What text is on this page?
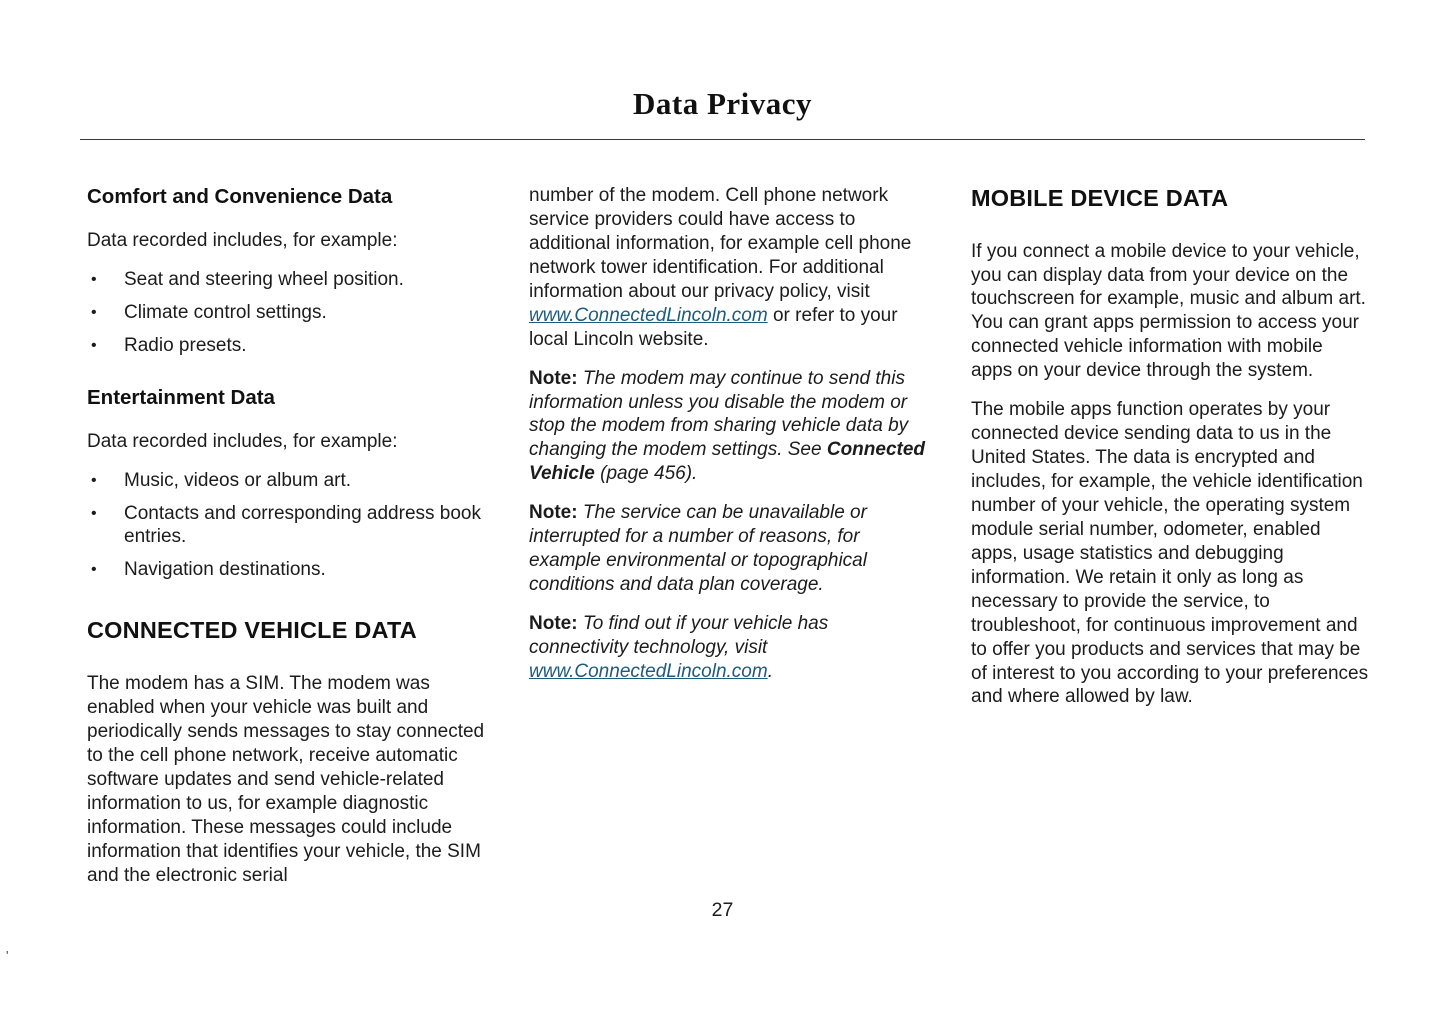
Data Privacy
Comfort and Convenience Data

Data recorded includes, for example:

•	Seat and steering wheel position.
•	Climate control settings.
•	Radio presets.
Entertainment Data

Data recorded includes, for example:

•	Music, videos or album art.
•	Contacts and corresponding address book entries.
•	Navigation destinations.
CONNECTED VEHICLE DATA

The modem has a SIM. The modem was enabled when your vehicle was built and periodically sends messages to stay connected to the cell phone network, receive automatic software updates and send vehicle-related information to us, for example diagnostic information. These messages could include information that identifies your vehicle, the SIM and the electronic serial

number of the modem. Cell phone network service providers could have access to additional information, for example cell phone network tower identification. For additional information about our privacy policy, visit www.ConnectedLincoln.com or refer to your local Lincoln website.

Note: The modem may continue to send this information unless you disable the modem or stop the modem from sharing vehicle data by changing the modem settings. See Connected Vehicle (page 456).

Note: The service can be unavailable or interrupted for a number of reasons, for example environmental or topographical conditions and data plan coverage.

Note: To find out if your vehicle has connectivity technology, visit www.ConnectedLincoln.com.

MOBILE DEVICE DATA

If you connect a mobile device to your vehicle, you can display data from your device on the touchscreen for example, music and album art. You can grant apps permission to access your connected vehicle information with mobile apps on your device through the system.

The mobile apps function operates by your connected device sending data to us in the United States. The data is encrypted and includes, for example, the vehicle identification number of your vehicle, the operating system module serial number, odometer, enabled apps, usage statistics and debugging information. We retain it only as long as necessary to provide the service, to troubleshoot, for continuous improvement and to offer you products and services that may be of interest to you according to your preferences and where allowed by law.

27
'
